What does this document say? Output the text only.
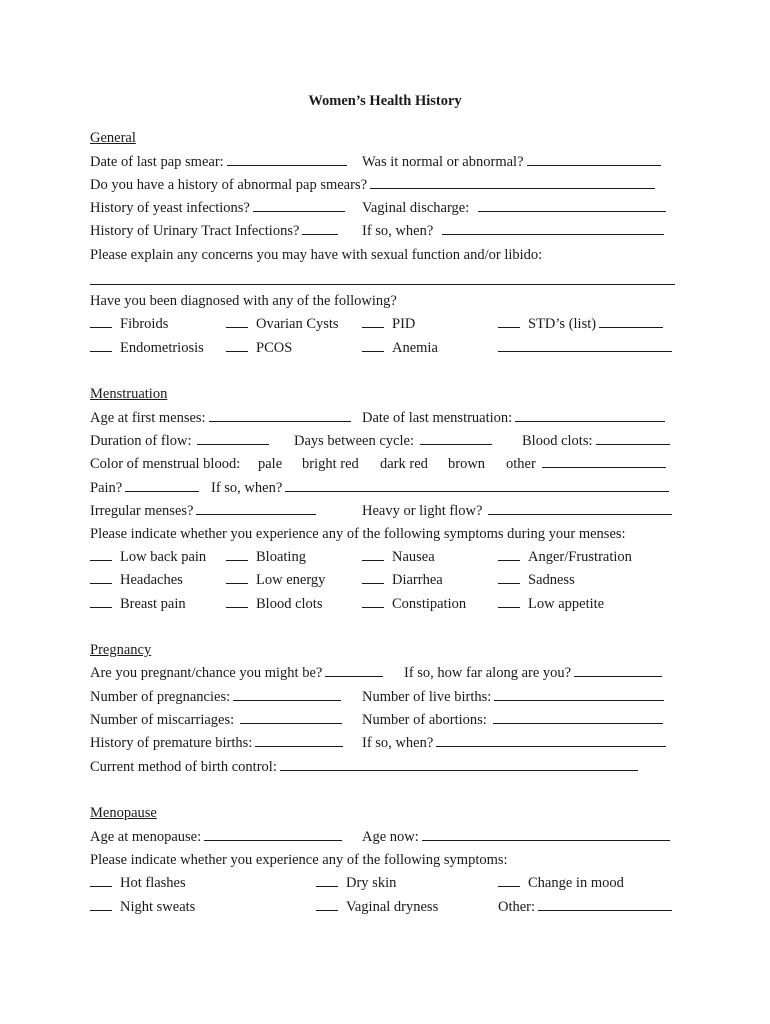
Women’s Health History
General
Date of last pap smear:	Was it normal or abnormal?
Do you have a history of abnormal pap smears?
History of yeast infections?	Vaginal discharge:
History of Urinary Tract Infections?	If so, when?
Please explain any concerns you may have with sexual function and/or libido:
Have you been diagnosed with any of the following?
Fibroids	Ovarian Cysts	PID	STD’s (list)
Endometriosis	PCOS	Anemia
Menstruation
Age at first menses:	Date of last menstruation:
Duration of flow:	Days between cycle:	Blood clots:
Color of menstrual blood: pale bright red dark red brown other
Pain?	If so, when?
Irregular menses?	Heavy or light flow?
Please indicate whether you experience any of the following symptoms during your menses:
Low back pain	Bloating	Nausea	Anger/Frustration
Headaches	Low energy	Diarrhea	Sadness
Breast pain	Blood clots	Constipation	Low appetite
Pregnancy
Are you pregnant/chance you might be?	If so, how far along are you?
Number of pregnancies:	Number of live births:
Number of miscarriages:	Number of abortions:
History of premature births:	If so, when?
Current method of birth control:
Menopause
Age at menopause:	Age now:
Please indicate whether you experience any of the following symptoms:
Hot flashes	Dry skin	Change in mood
Night sweats	Vaginal dryness	Other:
